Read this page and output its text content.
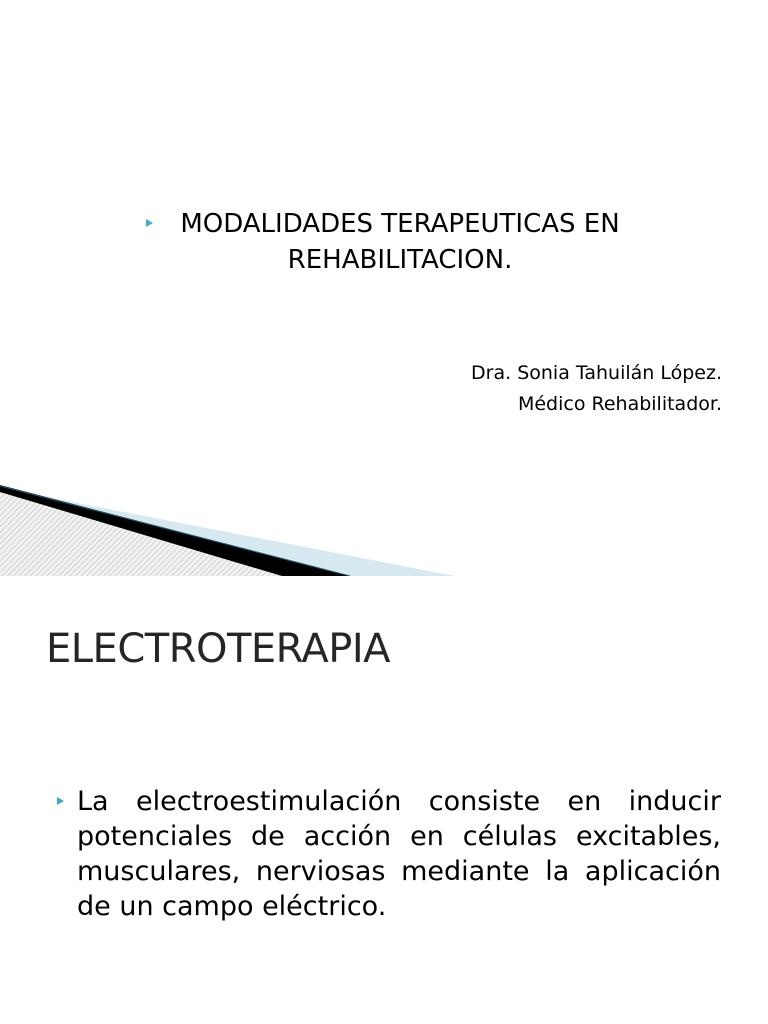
MODALIDADES TERAPEUTICAS EN
REHABILITACION.
Dra. Sonia Tahuilán López.
Médico Rehabilitador.
ELECTROTERAPIA
La electroestimulación consiste en inducir potenciales de acción en células excitables, musculares, nerviosas mediante la aplicación de un campo eléctrico.
